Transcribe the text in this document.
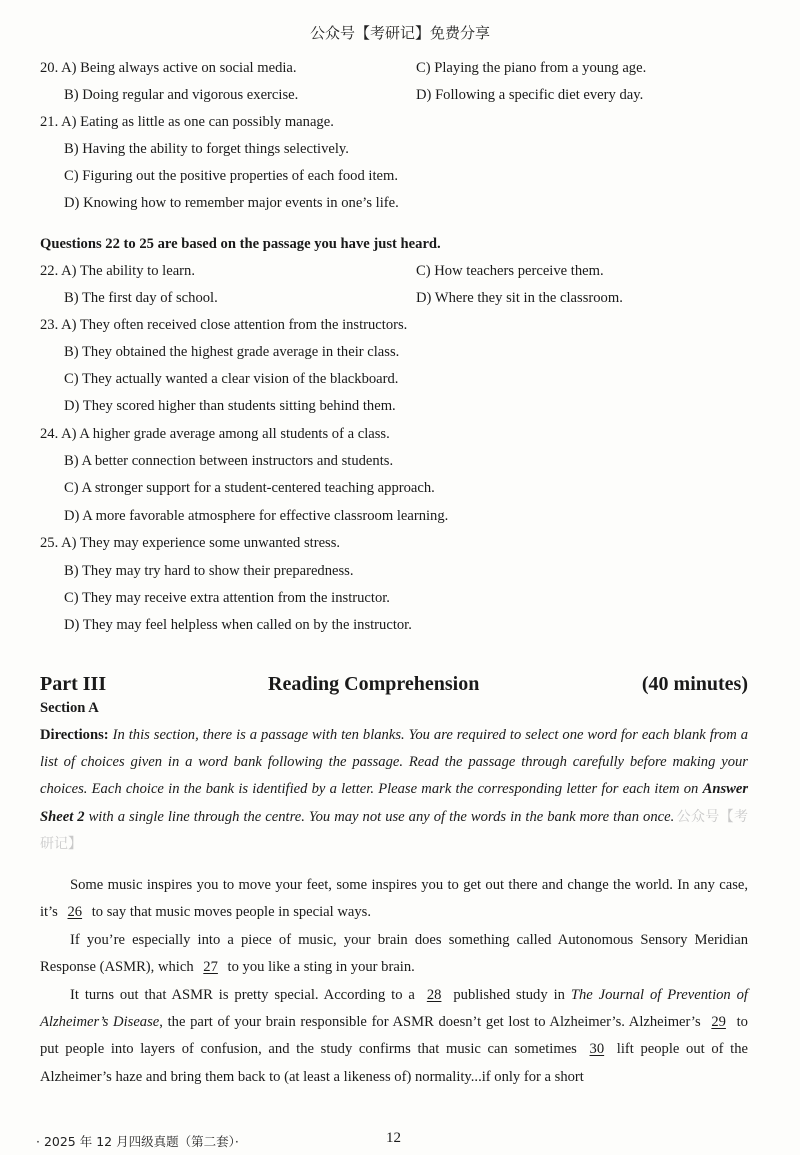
公众号【考研记】免费分享
20. A) Being always active on social media.	C) Playing the piano from a young age.
B) Doing regular and vigorous exercise.	D) Following a specific diet every day.
21. A) Eating as little as one can possibly manage.
B) Having the ability to forget things selectively.
C) Figuring out the positive properties of each food item.
D) Knowing how to remember major events in one’s life.
Questions 22 to 25 are based on the passage you have just heard.
22. A) The ability to learn.	C) How teachers perceive them.
B) The first day of school.	D) Where they sit in the classroom.
23. A) They often received close attention from the instructors.
B) They obtained the highest grade average in their class.
C) They actually wanted a clear vision of the blackboard.
D) They scored higher than students sitting behind them.
24. A) A higher grade average among all students of a class.
B) A better connection between instructors and students.
C) A stronger support for a student-centered teaching approach.
D) A more favorable atmosphere for effective classroom learning.
25. A) They may experience some unwanted stress.
B) They may try hard to show their preparedness.
C) They may receive extra attention from the instructor.
D) They may feel helpless when called on by the instructor.
Part III	Reading Comprehension	(40 minutes)
Section A
Directions: In this section, there is a passage with ten blanks. You are required to select one word for each blank from a list of choices given in a word bank following the passage. Read the passage through carefully before making your choices. Each choice in the bank is identified by a letter. Please mark the corresponding letter for each item on Answer Sheet 2 with a single line through the centre. You may not use any of the words in the bank more than once. 公众号【考研记】

Some music inspires you to move your feet, some inspires you to get out there and change the world. In any case, it’s 26 to say that music moves people in special ways.

If you’re especially into a piece of music, your brain does something called Autonomous Sensory Meridian Response (ASMR), which 27 to you like a sting in your brain.

It turns out that ASMR is pretty special. According to a 28 published study in The Journal of Prevention of Alzheimer’s Disease, the part of your brain responsible for ASMR doesn’t get lost to Alzheimer’s. Alzheimer’s 29 to put people into layers of confusion, and the study confirms that music can sometimes 30 lift people out of the Alzheimer’s haze and bring them back to (at least a likeness of) normality...if only for a short

· 2025 年 12 月四级真题（第二套）·	12
